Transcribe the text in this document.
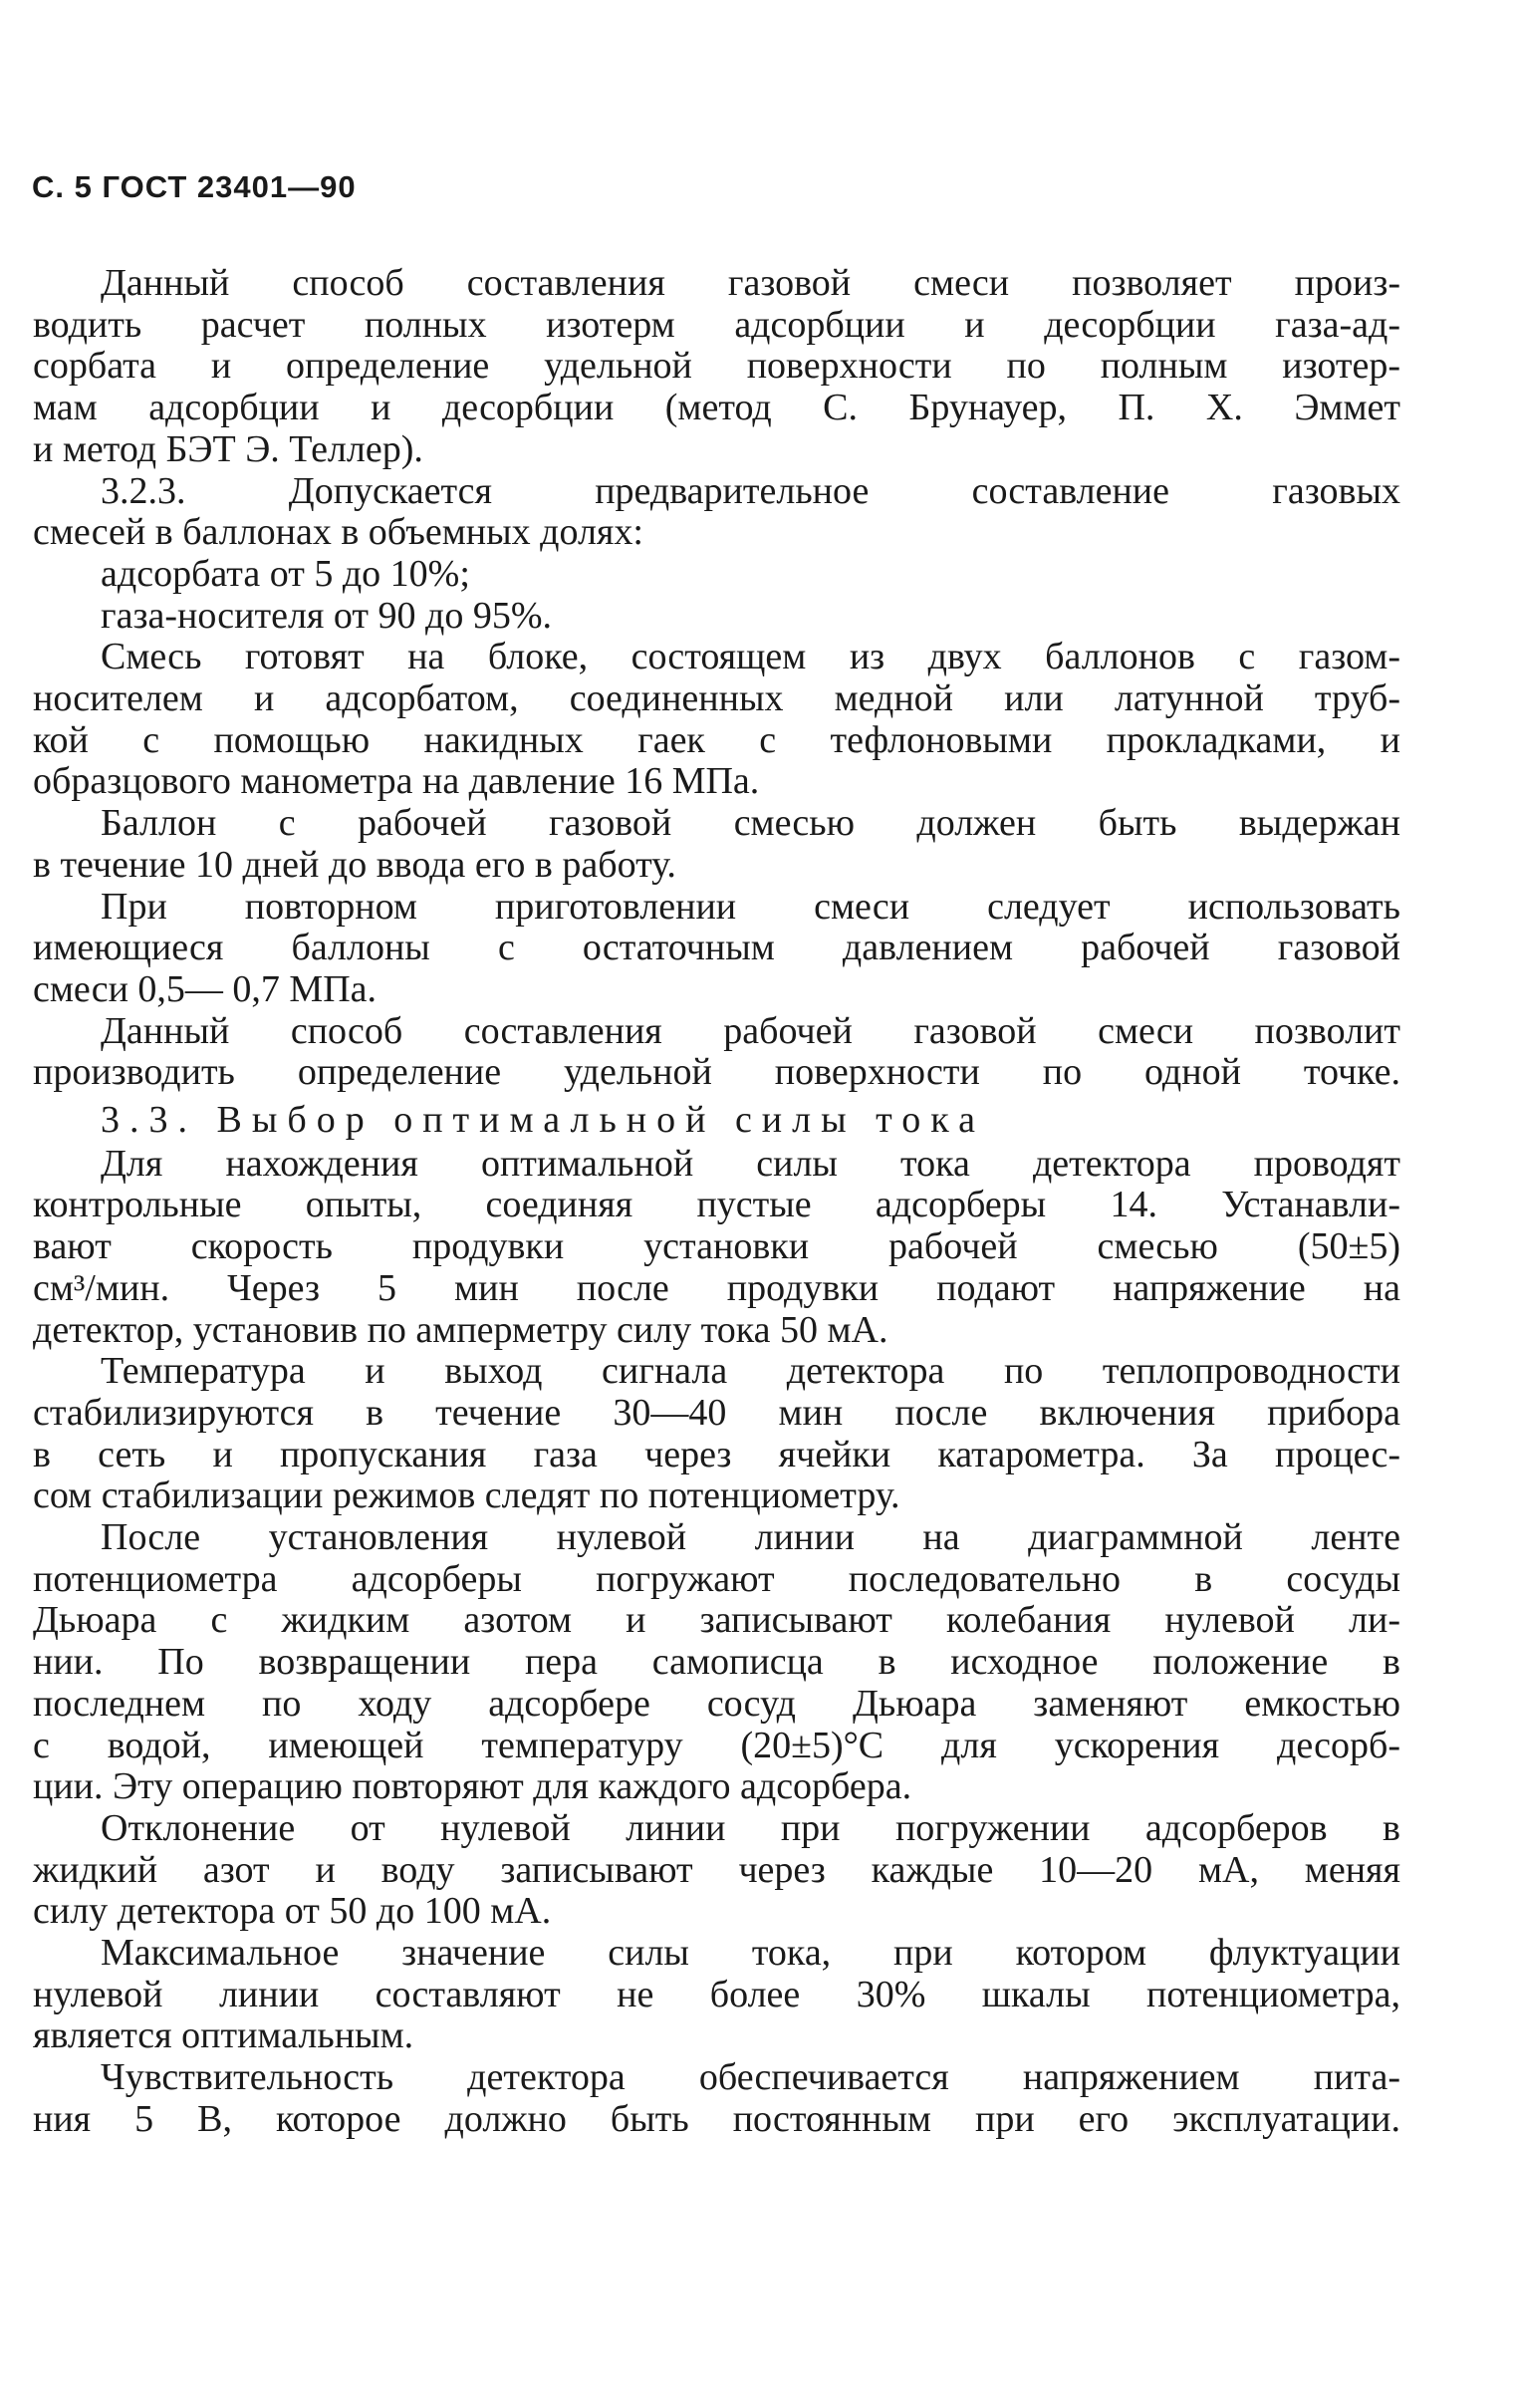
С. 5 ГОСТ 23401—90
Данный способ составления газовой смеси позволяет произ-
водить расчет полных изотерм адсорбции и десорбции газа-ад-
сорбата и определение удельной поверхности по полным изотер-
мам адсорбции и десорбции (метод С. Брунауер, П. Х. Эммет
и метод БЭТ Э. Теллер).
3.2.3. Допускается предварительное составление газовых
смесей в баллонах в объемных долях:
адсорбата от 5 до 10%;
газа-носителя от 90 до 95%.
Смесь готовят на блоке, состоящем из двух баллонов с газом-
носителем и адсорбатом, соединенных медной или латунной труб-
кой с помощью накидных гаек с тефлоновыми прокладками, и
образцового манометра на давление 16 МПа.
Баллон с рабочей газовой смесью должен быть выдержан
в течение 10 дней до ввода его в работу.
При повторном приготовлении смеси следует использовать
имеющиеся баллоны с остаточным давлением рабочей газовой
смеси 0,5— 0,7 МПа.
Данный способ составления рабочей газовой смеси позволит
производить определение удельной поверхности по одной точке.
3.3. Выбор оптимальной силы тока
Для нахождения оптимальной силы тока детектора проводят
контрольные опыты, соединяя пустые адсорберы 14. Устанавли-
вают скорость продувки установки рабочей смесью (50±5)
см³/мин. Через 5 мин после продувки подают напряжение на
детектор, установив по амперметру силу тока 50 мА.
Температура и выход сигнала детектора по теплопроводности
стабилизируются в течение 30—40 мин после включения прибора
в сеть и пропускания газа через ячейки катарометра. За процес-
сом стабилизации режимов следят по потенциометру.
После установления нулевой линии на диаграммной ленте
потенциометра адсорберы погружают последовательно в сосуды
Дьюара с жидким азотом и записывают колебания нулевой ли-
нии. По возвращении пера самописца в исходное положение в
последнем по ходу адсорбере сосуд Дьюара заменяют емкостью
с водой, имеющей температуру (20±5)°С для ускорения десорб-
ции. Эту операцию повторяют для каждого адсорбера.
Отклонение от нулевой линии при погружении адсорберов в
жидкий азот и воду записывают через каждые 10—20 мА, меняя
силу детектора от 50 до 100 мА.
Максимальное значение силы тока, при котором флуктуации
нулевой линии составляют не более 30% шкалы потенциометра,
является оптимальным.
Чувствительность детектора обеспечивается напряжением пита-
ния 5 В, которое должно быть постоянным при его эксплуатации.
